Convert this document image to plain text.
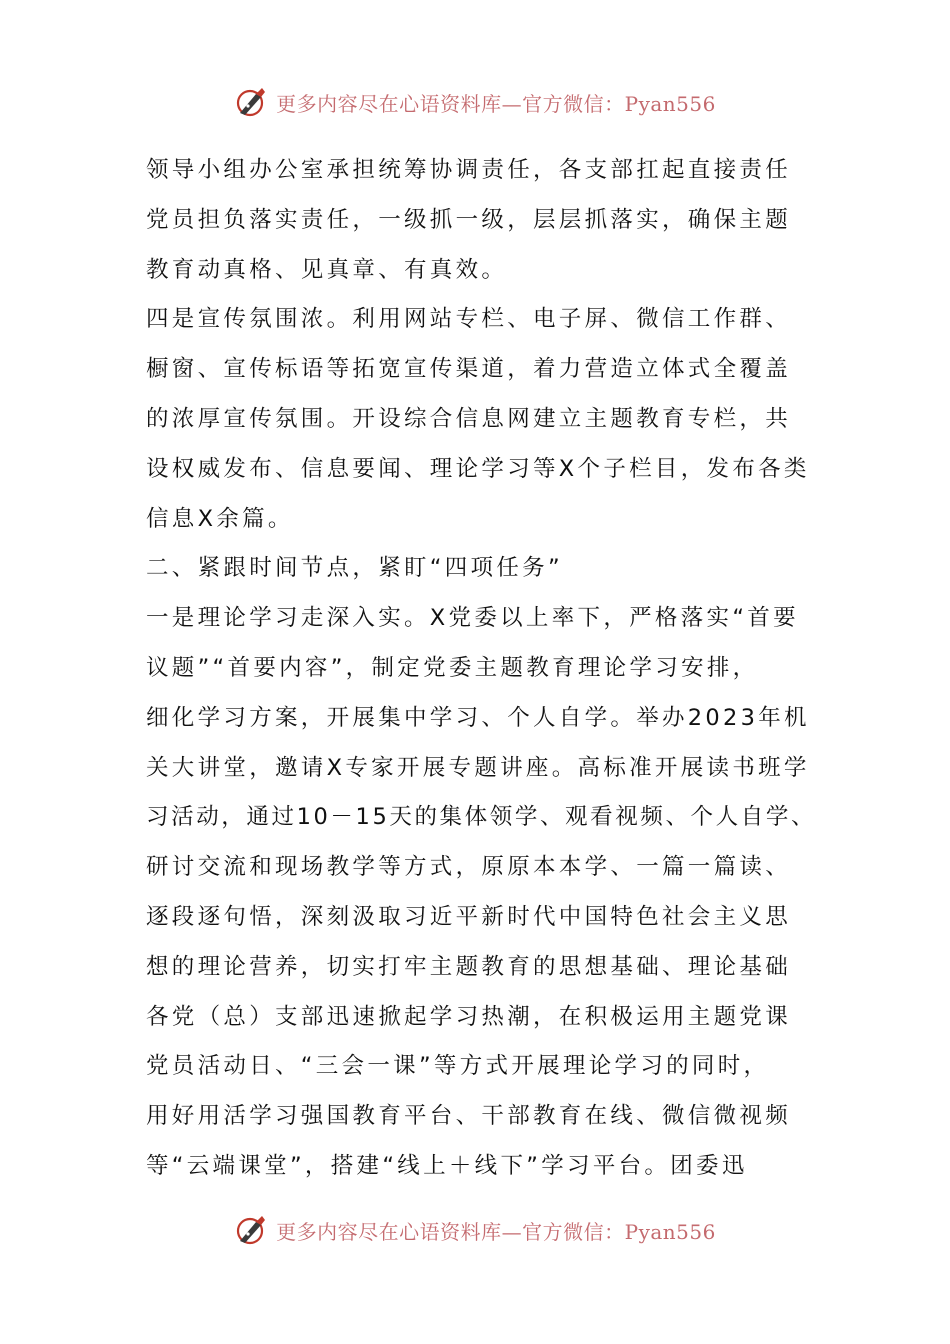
更多内容尽在心语资料库—官方微信：Pyan556
领导小组办公室承担统筹协调责任，各支部扛起直接责任
党员担负落实责任，一级抓一级，层层抓落实，确保主题
教育动真格、见真章、有真效。
四是宣传氛围浓。利用网站专栏、电子屏、微信工作群、
橱窗、宣传标语等拓宽宣传渠道，着力营造立体式全覆盖
的浓厚宣传氛围。开设综合信息网建立主题教育专栏，共
设权威发布、信息要闻、理论学习等X个子栏目，发布各类
信息X余篇。
二、紧跟时间节点，紧盯“四项任务”
一是理论学习走深入实。X党委以上率下，严格落实“首要
议题”“首要内容”，制定党委主题教育理论学习安排，
细化学习方案，开展集中学习、个人自学。举办2023年机
关大讲堂，邀请X专家开展专题讲座。高标准开展读书班学
习活动，通过10－15天的集体领学、观看视频、个人自学、
研讨交流和现场教学等方式，原原本本学、一篇一篇读、
逐段逐句悟，深刻汲取习近平新时代中国特色社会主义思
想的理论营养，切实打牢主题教育的思想基础、理论基础
各党（总）支部迅速掀起学习热潮，在积极运用主题党课
党员活动日、“三会一课”等方式开展理论学习的同时，
用好用活学习强国教育平台、干部教育在线、微信微视频
等“云端课堂”，搭建“线上＋线下”学习平台。团委迅
更多内容尽在心语资料库—官方微信：Pyan556
